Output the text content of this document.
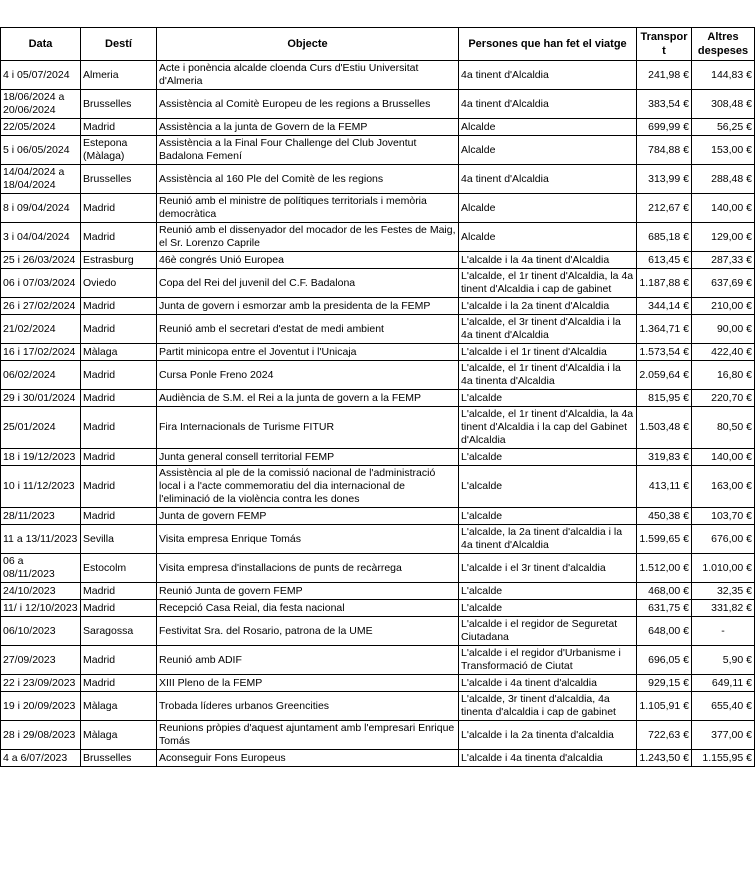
Data	Destí	Objecte	Persones que han fet el viatge	Transport	Altres despeses
4 i 05/07/2024	Almeria	Acte i ponència alcalde cloenda Curs d'Estiu Universitat d'Almeria	4a tinent d'Alcaldia	241,98 €	144,83 €
18/06/2024 a 20/06/2024	Brusselles	Assistència al Comitè Europeu de les regions a Brusselles	4a tinent d'Alcaldia	383,54 €	308,48 €
22/05/2024	Madrid	Assistència a la junta de Govern de la FEMP	Alcalde	699,99 €	56,25 €
5 i 06/05/2024	Estepona (Màlaga)	Assistència a la Final Four Challenge del Club Joventut Badalona Femení	Alcalde	784,88 €	153,00 €
14/04/2024 a 18/04/2024	Brusselles	Assistència al 160 Ple del Comitè de les regions	4a tinent d'Alcaldia	313,99 €	288,48 €
8 i 09/04/2024	Madrid	Reunió amb el ministre de polítiques territorials i memòria democràtica	Alcalde	212,67 €	140,00 €
3 i 04/04/2024	Madrid	Reunió amb el dissenyador del mocador de les Festes de Maig, el Sr. Lorenzo Caprile	Alcalde	685,18 €	129,00 €
25 i 26/03/2024	Estrasburg	46è congrés Unió Europea	L'alcalde i la 4a tinent d'Alcaldia	613,45 €	287,33 €
06 i 07/03/2024	Oviedo	Copa del Rei del juvenil del C.F. Badalona	L'alcalde, el 1r tinent d'Alcaldia, la 4a tinent d'Alcaldia i cap de gabinet	1.187,88 €	637,69 €
26 i 27/02/2024	Madrid	Junta de govern i esmorzar amb la presidenta de la FEMP	L'alcalde i la 2a tinent d'Alcaldia	344,14 €	210,00 €
21/02/2024	Madrid	Reunió amb el secretari d'estat de medi ambient	L'alcalde, el 3r tinent d'Alcaldia i la 4a tinent d'Alcaldia	1.364,71 €	90,00 €
16 i 17/02/2024	Màlaga	Partit minicopa entre el Joventut i l'Unicaja	L'alcalde i el 1r tinent d'Alcaldia	1.573,54 €	422,40 €
06/02/2024	Madrid	Cursa Ponle Freno 2024	L'alcalde, el 1r tinent d'Alcaldia i la 4a tinenta d'Alcaldia	2.059,64 €	16,80 €
29 i 30/01/2024	Madrid	Audiència de S.M. el Rei a la junta de govern a la FEMP	L'alcalde	815,95 €	220,70 €
25/01/2024	Madrid	Fira Internacionals de Turisme FITUR	L'alcalde, el 1r tinent d'Alcaldia, la 4a tinent d'Alcaldia i la cap del Gabinet d'Alcaldia	1.503,48 €	80,50 €
18 i 19/12/2023	Madrid	Junta general consell territorial FEMP	L'alcalde	319,83 €	140,00 €
10 i 11/12/2023	Madrid	Assistència al ple de la comissió nacional de l'administració local i a l'acte commemoratiu del dia internacional de l'eliminació de la violència contra les dones	L'alcalde	413,11 €	163,00 €
28/11/2023	Madrid	Junta de govern FEMP	L'alcalde	450,38 €	103,70 €
11 a 13/11/2023	Sevilla	Visita empresa Enrique Tomás	L'alcalde, la 2a tinent d'alcaldia i la 4a tinent d'Alcaldia	1.599,65 €	676,00 €
06 a 08/11/2023	Estocolm	Visita empresa d'installacions de punts de recàrrega	L'alcalde i el 3r tinent d'alcaldia	1.512,00 €	1.010,00 €
24/10/2023	Madrid	Reunió Junta de govern FEMP	L'alcalde	468,00 €	32,35 €
11/ i 12/10/2023	Madrid	Recepció Casa Reial, dia festa nacional	L'alcalde	631,75 €	331,82 €
06/10/2023	Saragossa	Festivitat Sra. del Rosario, patrona de la UME	L'alcalde i el regidor de Seguretat Ciutadana	648,00 €	-
27/09/2023	Madrid	Reunió amb ADIF	L'alcalde i el regidor d'Urbanisme i Transformació de Ciutat	696,05 €	5,90 €
22 i 23/09/2023	Madrid	XIII Pleno de la FEMP	L'alcalde i 4a tinent d'alcaldia	929,15 €	649,11 €
19 i 20/09/2023	Màlaga	Trobada líderes urbanos Greencities	L'alcalde, 3r tinent d'alcaldia, 4a tinenta d'alcaldia i cap de gabinet	1.105,91 €	655,40 €
28 i 29/08/2023	Màlaga	Reunions pròpies d'aquest ajuntament amb l'empresari Enrique Tomás	L'alcalde i la 2a tinenta d'alcaldia	722,63 €	377,00 €
4 a 6/07/2023	Brusselles	Aconseguir Fons Europeus	L'alcalde i 4a tinenta d'alcaldia	1.243,50 €	1.155,95 €
